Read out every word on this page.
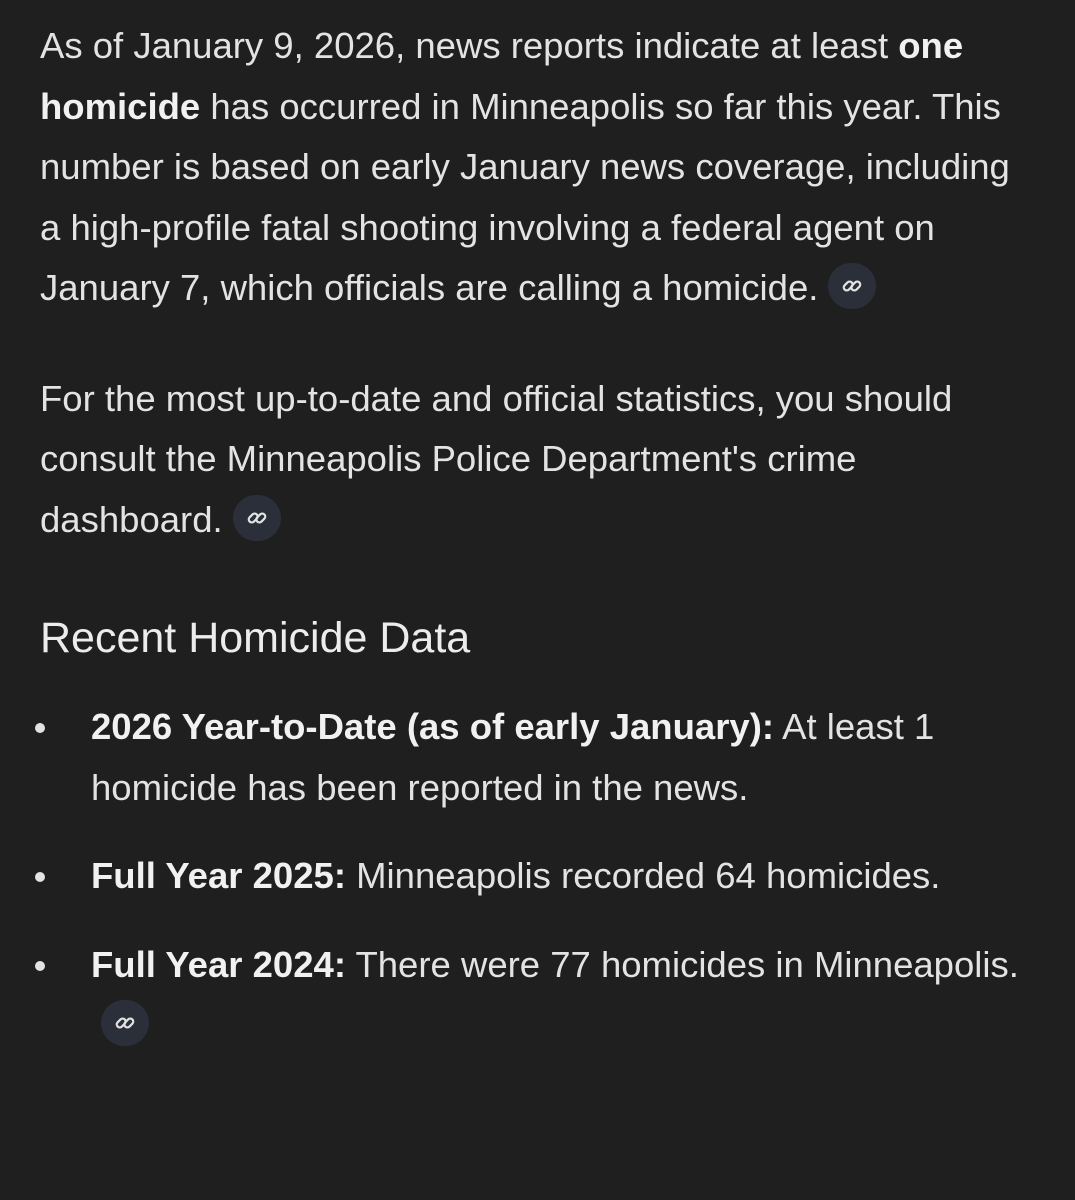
As of January 9, 2026, news reports indicate at least one homicide has occurred in Minneapolis so far this year. This number is based on early January news coverage, including a high-profile fatal shooting involving a federal agent on January 7, which officials are calling a homicide.

For the most up-to-date and official statistics, you should consult the Minneapolis Police Department's crime dashboard.

Recent Homicide Data
2026 Year-to-Date (as of early January): At least 1 homicide has been reported in the news.
Full Year 2025: Minneapolis recorded 64 homicides.
Full Year 2024: There were 77 homicides in Minneapolis.
